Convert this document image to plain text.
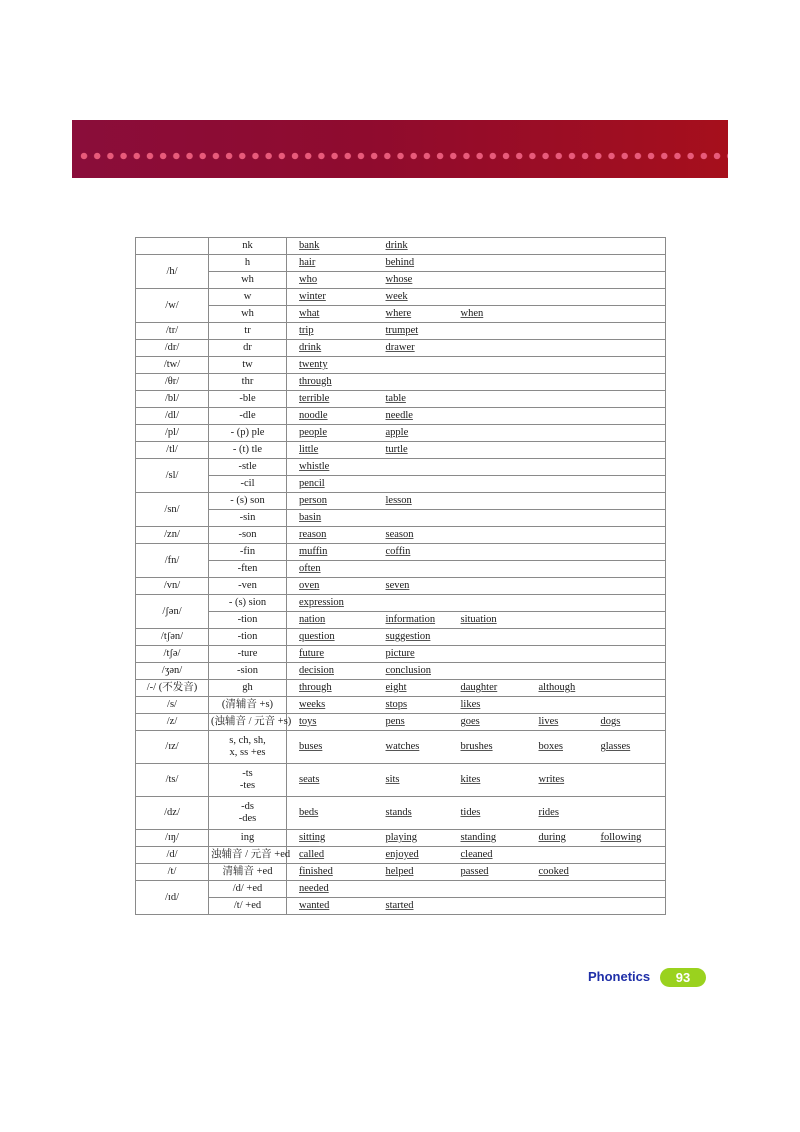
	nk	bank	drink			
/h/	h	hair	behind			
	wh	who	whose			
/w/	w	winter	week			
	wh	what	where	when		
/tr/	tr	trip	trumpet			
/dr/	dr	drink	drawer			
/tw/	tw	twenty				
/θr/	thr	through				
/bl/	-ble	terrible	table			
/dl/	-dle	noodle	needle			
/pl/	- (p) ple	people	apple			
/tl/	- (t) tle	little	turtle			
/sl/	-stle	whistle				
	-cil	pencil				
/sn/	- (s) son	person	lesson			
	-sin	basin				
/zn/	-son	reason	season			
/fn/	-fin	muffin	coffin			
	-ften	often				
/vn/	-ven	oven	seven			
/ʃən/	- (s) sion	expression				
	-tion	nation	information	situation		
/tʃən/	-tion	question	suggestion			
/tʃə/	-ture	future	picture			
/ʒən/	-sion	decision	conclusion			
/-/ (不发音)	gh	through	eight	daughter	although	
/s/	(清辅音 +s)	weeks	stops	likes		
/z/	(浊辅音 / 元音 +s)	toys	pens	goes	lives	dogs
/ɪz/	s, ch, sh,
x, ss +es	buses	watches	brushes	boxes	glasses
/ts/	-ts
-tes	seats	sits	kites	writes	
/dz/	-ds
-des	beds	stands	tides	rides	
/ɪŋ/	ing	sitting	playing	standing	during	following
/d/	浊辅音 / 元音 +ed	called	enjoyed	cleaned		
/t/	清辅音 +ed	finished	helped	passed	cooked	
/ɪd/	/d/ +ed	needed				
	/t/ +ed	wanted	started			
Phonetics	93
